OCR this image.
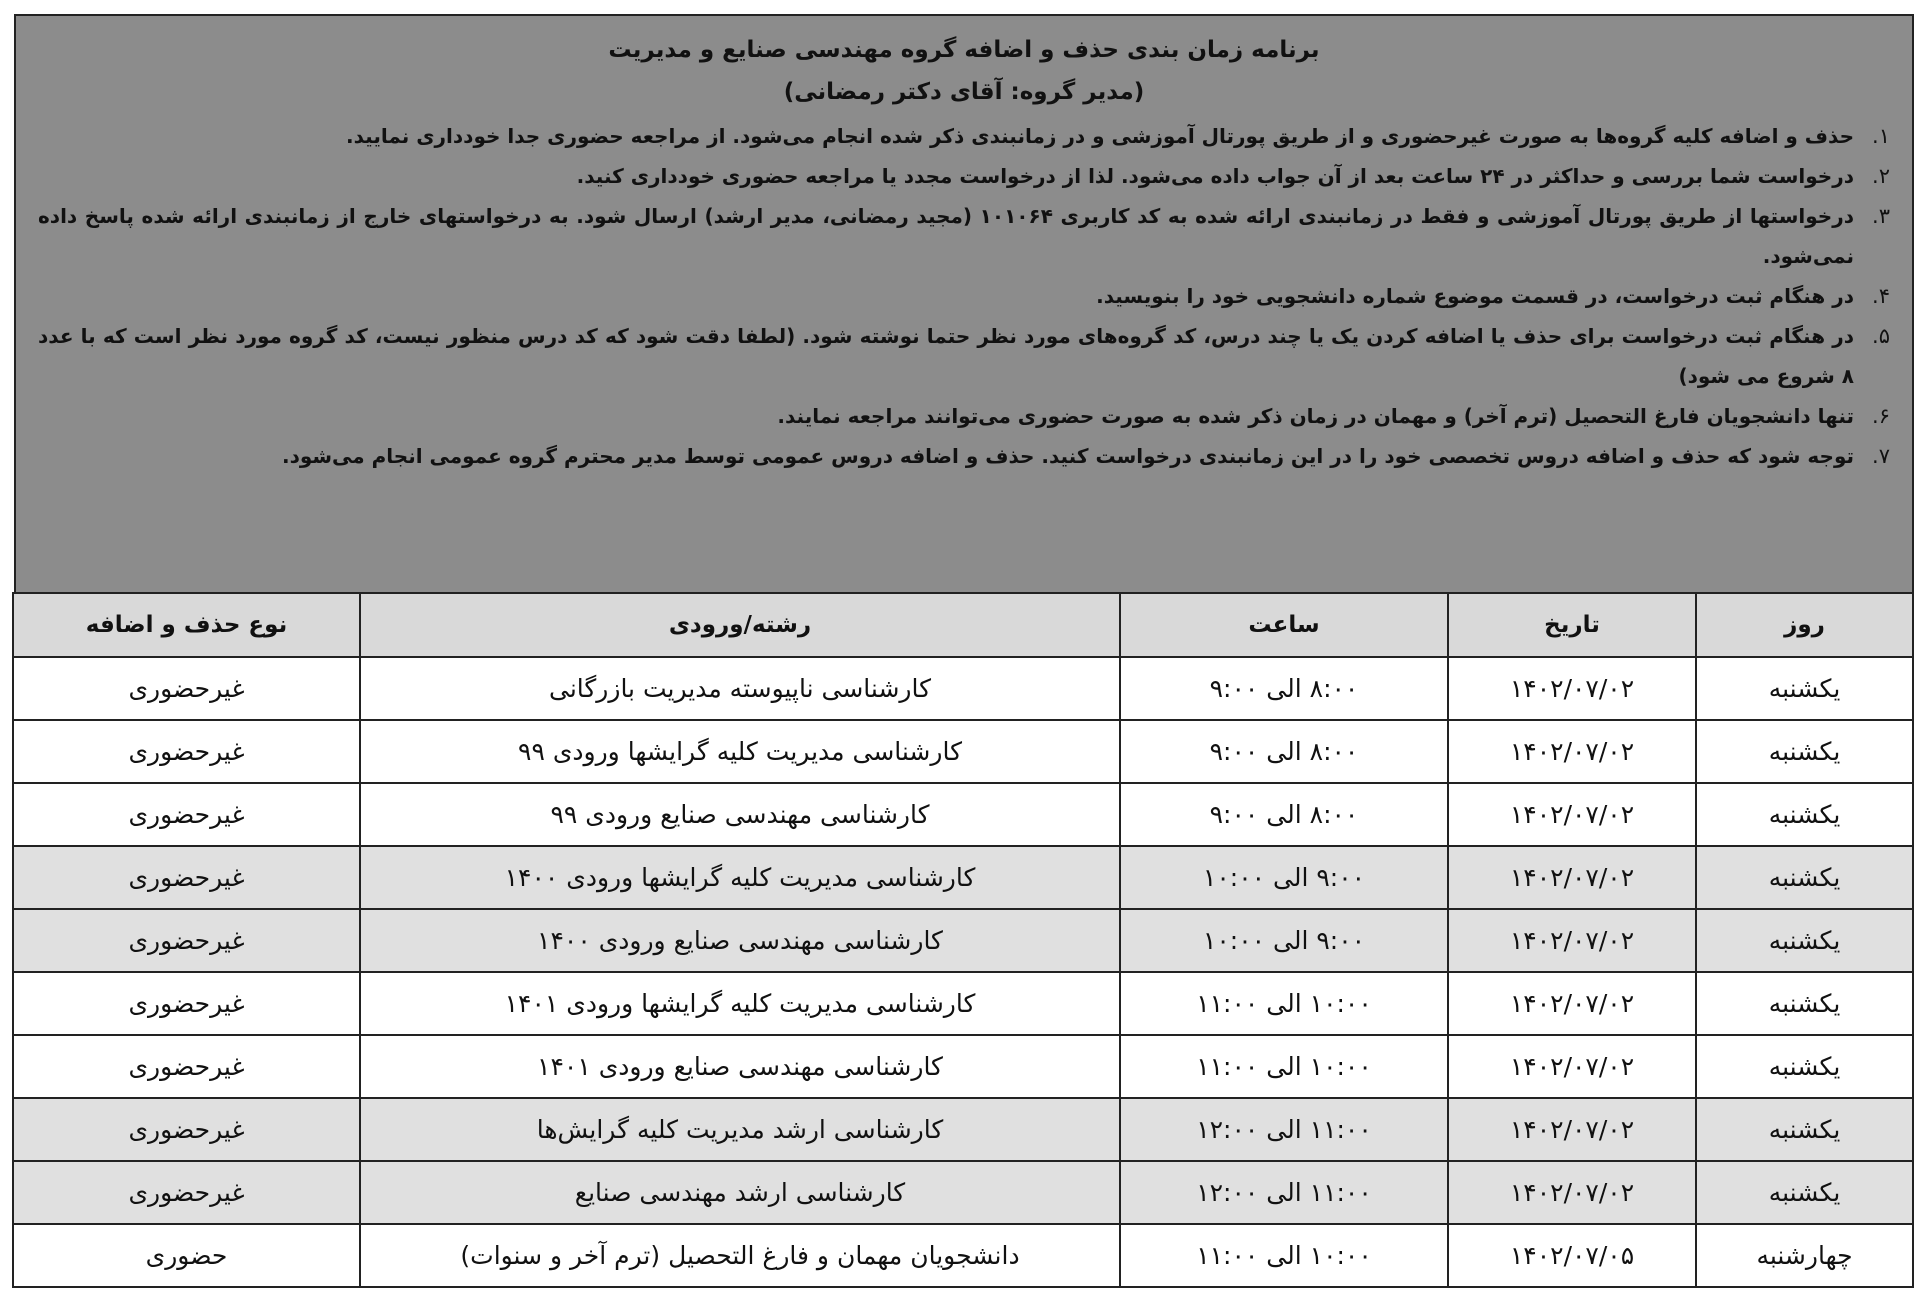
برنامه زمان بندی حذف و اضافه گروه مهندسی صنایع و مدیریت
(مدیر گروه: آقای دکتر رمضانی)
۱.
حذف و اضافه کلیه گروه‌ها به صورت غیرحضوری و از طریق پورتال آموزشی و در زمانبندی ذکر شده انجام می‌شود. از مراجعه حضوری جدا خودداری نمایید.
۲.
درخواست شما بررسی و حداکثر در ۲۴ ساعت بعد از آن جواب داده می‌شود. لذا از درخواست مجدد یا مراجعه حضوری خودداری کنید.
۳.
درخواستها از طریق پورتال آموزشی و فقط در زمانبندی ارائه شده به کد کاربری ۱۰۱۰۶۴ (مجید رمضانی، مدیر ارشد) ارسال شود. به درخواستهای خارج از زمانبندی ارائه شده پاسخ داده نمی‌شود.
۴.
در هنگام ثبت درخواست، در قسمت موضوع شماره دانشجویی خود را بنویسید.
۵.
در هنگام ثبت درخواست برای حذف یا اضافه کردن یک یا چند درس، کد گروه‌های مورد نظر حتما نوشته شود. (لطفا دقت شود که کد درس منظور نیست، کد گروه مورد نظر است که با عدد ۸ شروع می شود)
۶.
تنها دانشجویان فارغ التحصیل (ترم آخر) و مهمان در زمان ذکر شده به صورت حضوری می‌توانند مراجعه نمایند.
۷.
توجه شود که حذف و اضافه دروس تخصصی خود را در این زمانبندی درخواست کنید. حذف و اضافه دروس عمومی توسط مدیر محترم گروه عمومی انجام می‌شود.
روز	تاریخ	ساعت	رشته/ورودی	نوع حذف و اضافه
یکشنبه	۱۴۰۲/۰۷/۰۲	۸:۰۰ الی ۹:۰۰	کارشناسی ناپیوسته مدیریت بازرگانی	غیرحضوری
یکشنبه	۱۴۰۲/۰۷/۰۲	۸:۰۰ الی ۹:۰۰	کارشناسی مدیریت کلیه گرایشها ورودی ۹۹	غیرحضوری
یکشنبه	۱۴۰۲/۰۷/۰۲	۸:۰۰ الی ۹:۰۰	کارشناسی مهندسی صنایع ورودی ۹۹	غیرحضوری
یکشنبه	۱۴۰۲/۰۷/۰۲	۹:۰۰ الی ۱۰:۰۰	کارشناسی مدیریت کلیه گرایشها ورودی ۱۴۰۰	غیرحضوری
یکشنبه	۱۴۰۲/۰۷/۰۲	۹:۰۰ الی ۱۰:۰۰	کارشناسی مهندسی صنایع ورودی ۱۴۰۰	غیرحضوری
یکشنبه	۱۴۰۲/۰۷/۰۲	۱۰:۰۰ الی ۱۱:۰۰	کارشناسی مدیریت کلیه گرایشها ورودی ۱۴۰۱	غیرحضوری
یکشنبه	۱۴۰۲/۰۷/۰۲	۱۰:۰۰ الی ۱۱:۰۰	کارشناسی مهندسی صنایع ورودی ۱۴۰۱	غیرحضوری
یکشنبه	۱۴۰۲/۰۷/۰۲	۱۱:۰۰ الی ۱۲:۰۰	کارشناسی ارشد مدیریت کلیه گرایش‌ها	غیرحضوری
یکشنبه	۱۴۰۲/۰۷/۰۲	۱۱:۰۰ الی ۱۲:۰۰	کارشناسی ارشد مهندسی صنایع	غیرحضوری
چهارشنبه	۱۴۰۲/۰۷/۰۵	۱۰:۰۰ الی ۱۱:۰۰	دانشجویان مهمان و فارغ التحصیل (ترم آخر و سنوات)	حضوری
